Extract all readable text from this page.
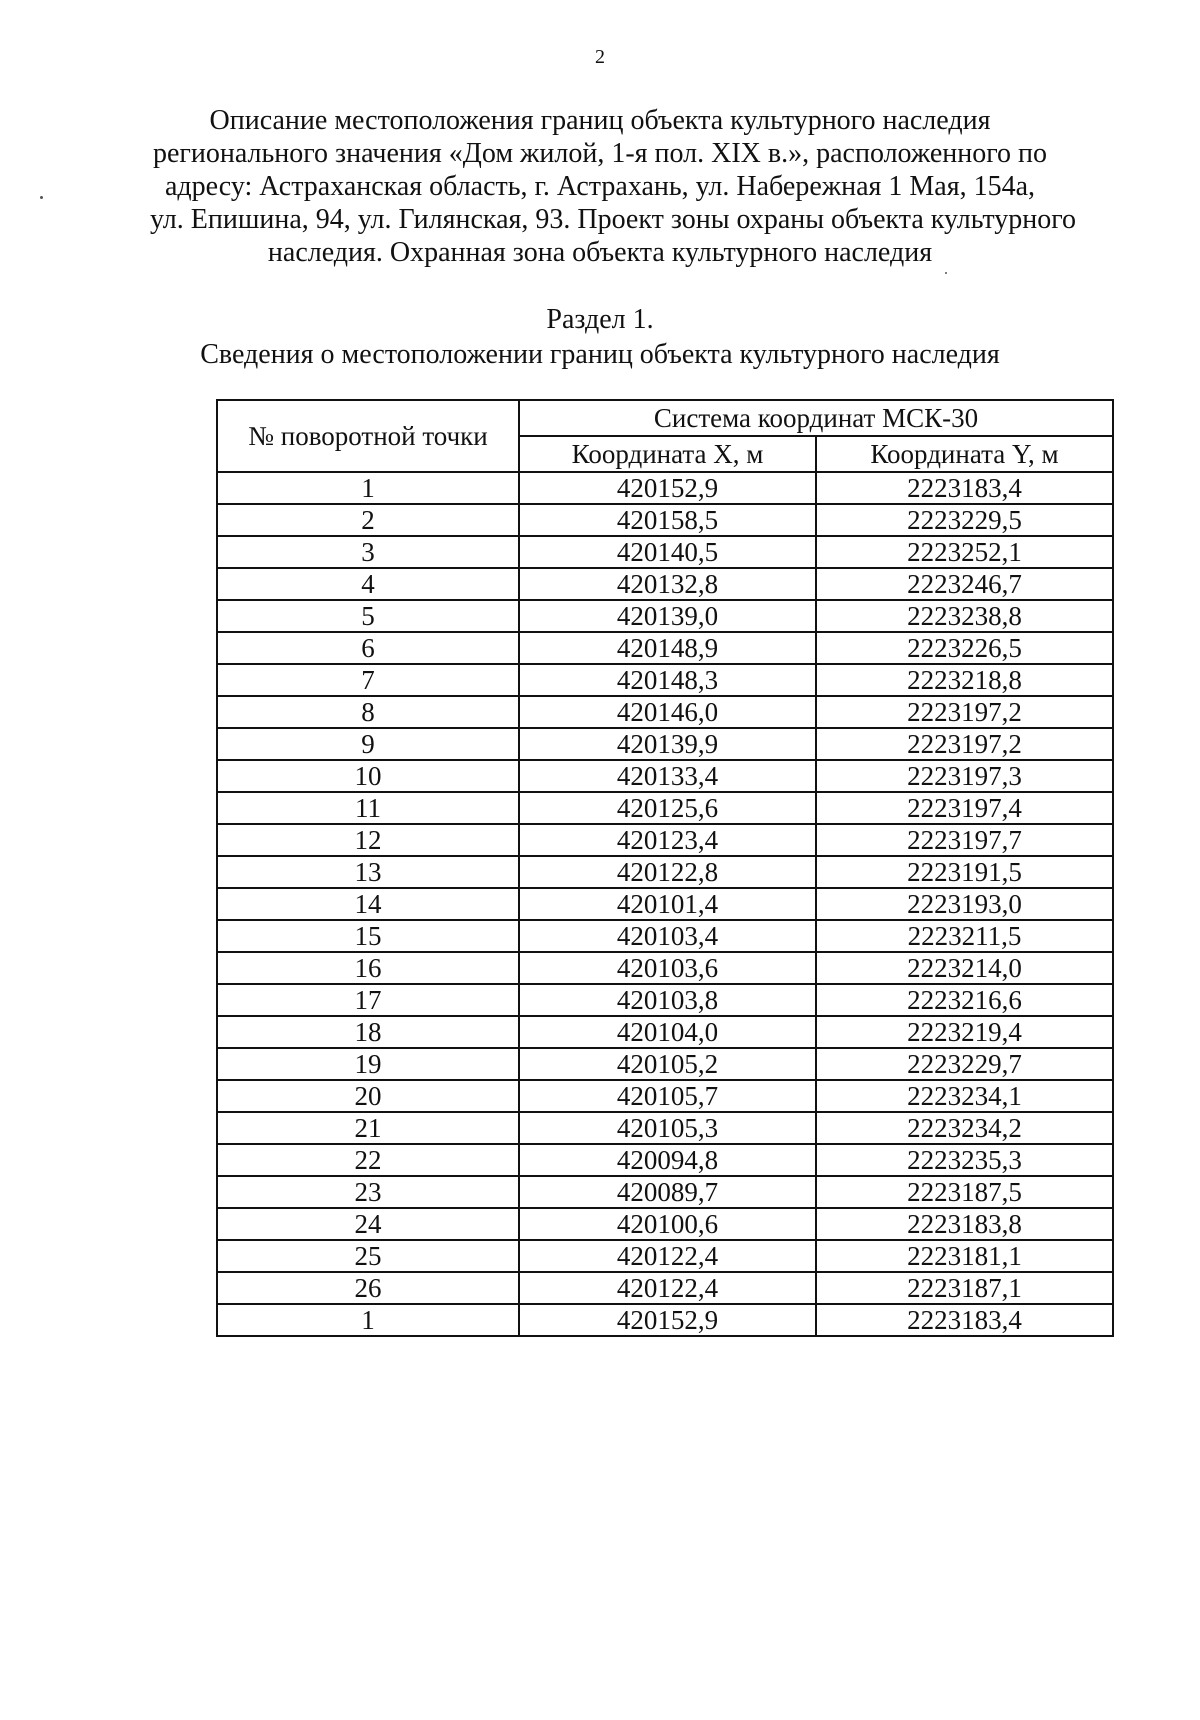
2
Описание местоположения границ объекта культурного наследия
регионального значения «Дом жилой, 1-я пол. XIX в.», расположенного по
адресу: Астраханская область, г. Астрахань, ул. Набережная 1 Мая, 154а,
ул. Епишина, 94, ул. Гилянская, 93. Проект зоны охраны объекта культурного
наследия. Охранная зона объекта культурного наследия
Раздел 1.
Сведения о местоположении границ объекта культурного наследия
№ поворотной точки	Система координат МСК-30	
	Координата X, м	Координата Y, м
1	420152,9	2223183,4
2	420158,5	2223229,5
3	420140,5	2223252,1
4	420132,8	2223246,7
5	420139,0	2223238,8
6	420148,9	2223226,5
7	420148,3	2223218,8
8	420146,0	2223197,2
9	420139,9	2223197,2
10	420133,4	2223197,3
11	420125,6	2223197,4
12	420123,4	2223197,7
13	420122,8	2223191,5
14	420101,4	2223193,0
15	420103,4	2223211,5
16	420103,6	2223214,0
17	420103,8	2223216,6
18	420104,0	2223219,4
19	420105,2	2223229,7
20	420105,7	2223234,1
21	420105,3	2223234,2
22	420094,8	2223235,3
23	420089,7	2223187,5
24	420100,6	2223183,8
25	420122,4	2223181,1
26	420122,4	2223187,1
1	420152,9	2223183,4
